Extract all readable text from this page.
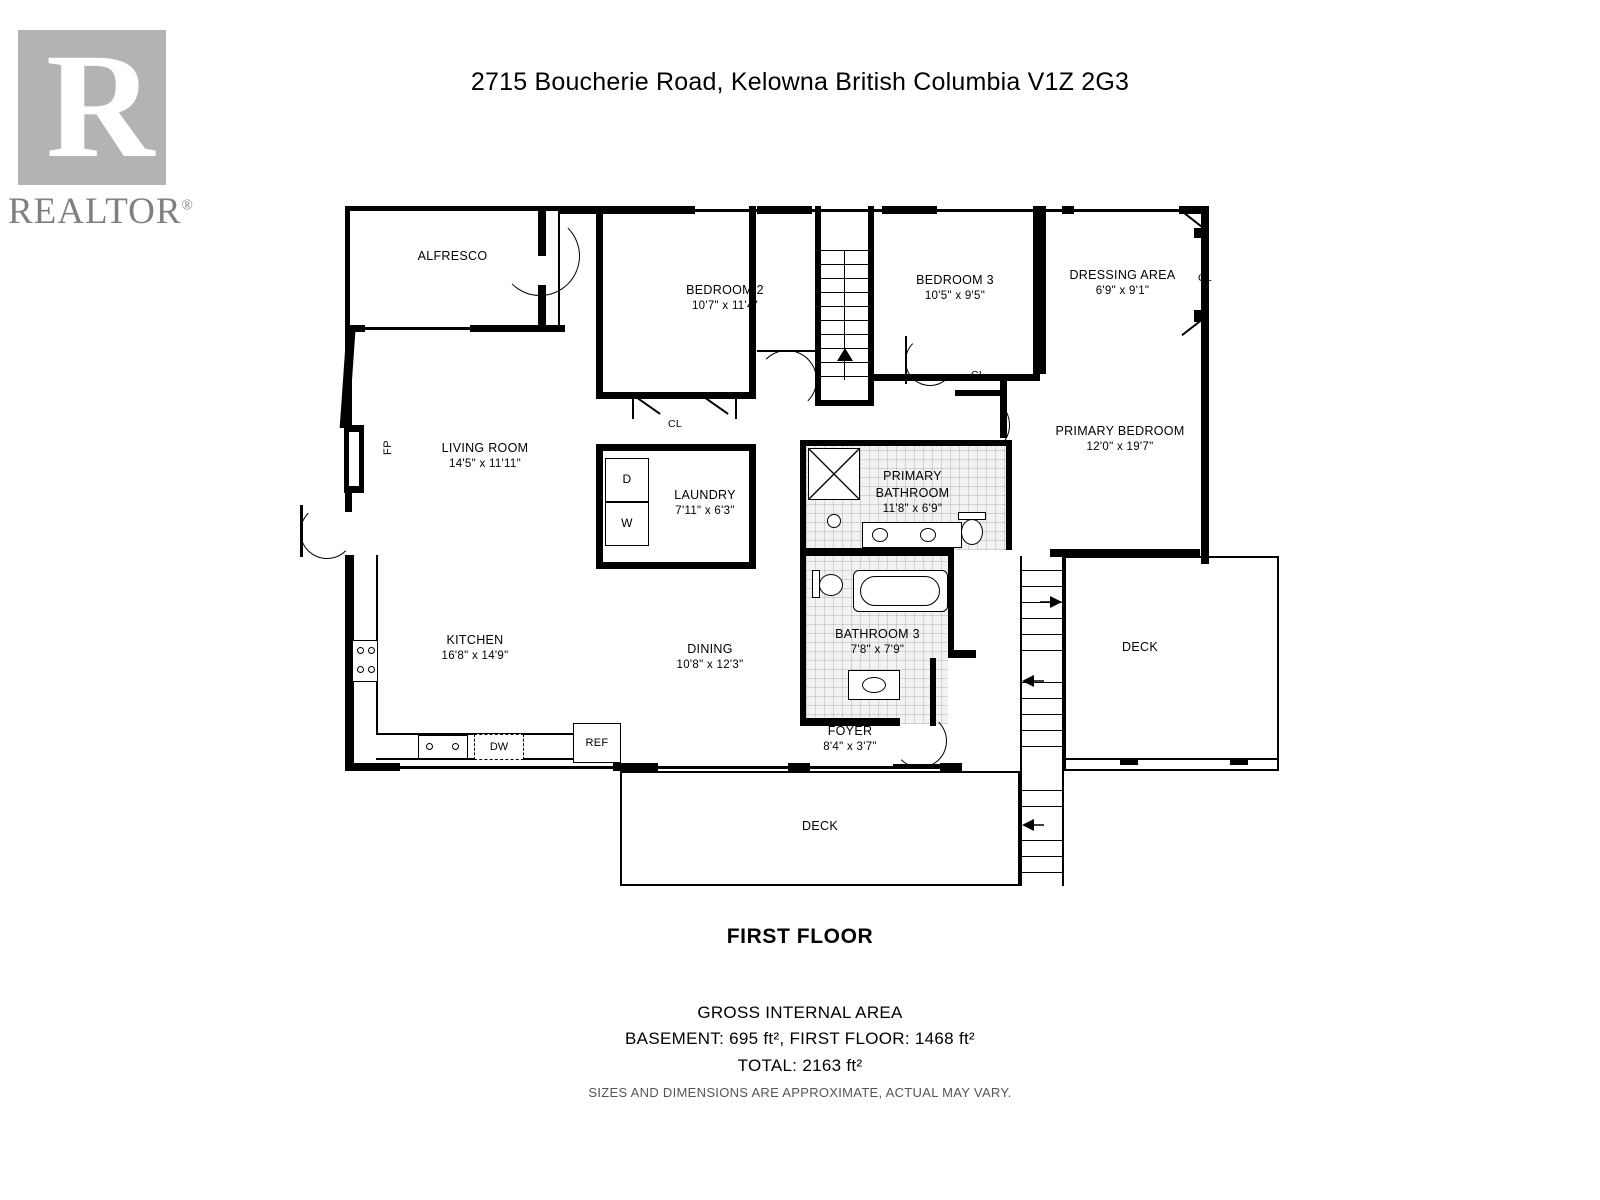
R
REALTOR®
2715 Boucherie Road, Kelowna British Columbia V1Z 2G3
ALFRESCO
FP	LIVING ROOM
14'5" x 11'11"
KITCHEN
16'8" x 14'9"	DINING
10'8" x 12'3"
DW	REF
BEDROOM 2
10'7" x 11'4"
CL
D
W
LAUNDRY
7'11" x 6'3"
BEDROOM 3
10'5" x 9'5"
CL
DRESSING AREA
6'9" x 9'1"
CL
PRIMARY BEDROOM
12'0" x 19'7"
PRIMARY BATHROOM
11'8" x 6'9"
BATHROOM 3
7'8" x 7'9"
FOYER
8'4" x 3'7"
DECK
DECK
FIRST FLOOR
GROSS INTERNAL AREA
BASEMENT: 695 ft², FIRST FLOOR: 1468 ft²
TOTAL: 2163 ft²
SIZES AND DIMENSIONS ARE APPROXIMATE, ACTUAL MAY VARY.
